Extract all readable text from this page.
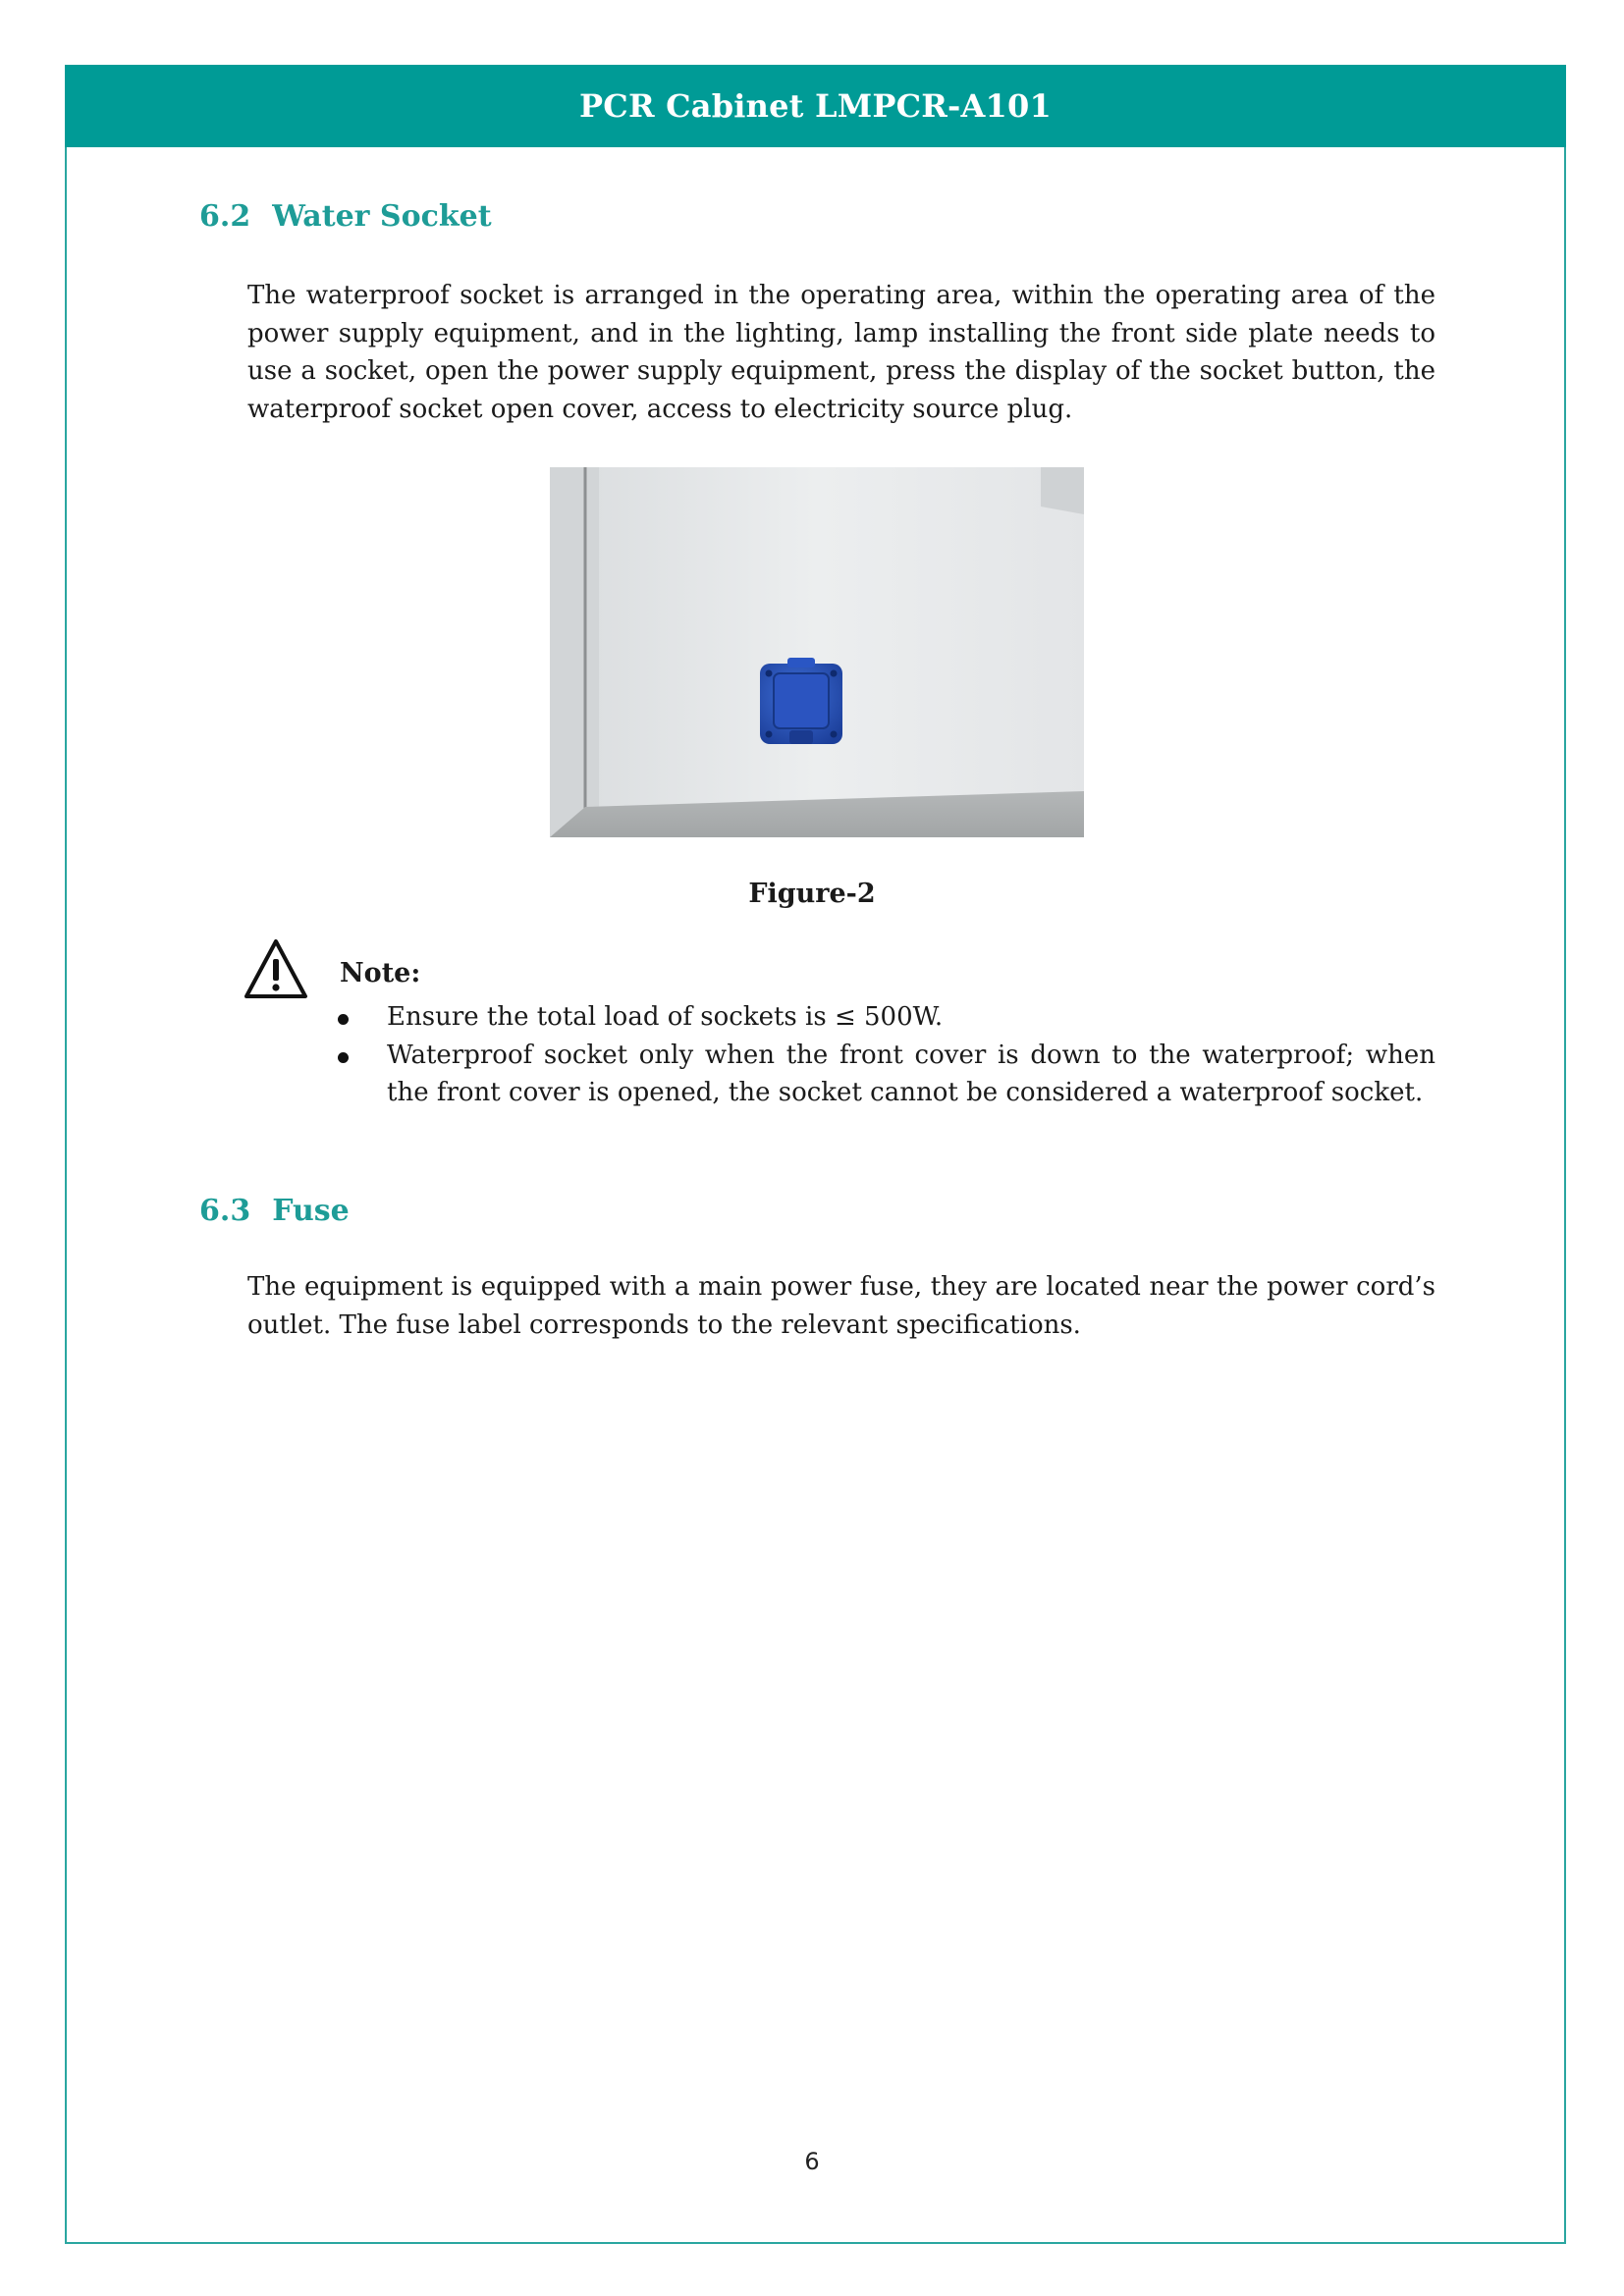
PCR Cabinet LMPCR-A101
6.2 Water Socket

The waterproof socket is arranged in the operating area, within the operating area of the power supply equipment, and in the lighting, lamp installing the front side plate needs to use a socket, open the power supply equipment, press the display of the socket button, the waterproof socket open cover, access to electricity source plug.

Figure-2
Note:
Ensure the total load of sockets is ≤ 500W.
Waterproof socket only when the front cover is down to the waterproof; when the front cover is opened, the socket cannot be considered a waterproof socket.
6.3 Fuse

The equipment is equipped with a main power fuse, they are located near the power cord’s outlet. The fuse label corresponds to the relevant specifications.

6
